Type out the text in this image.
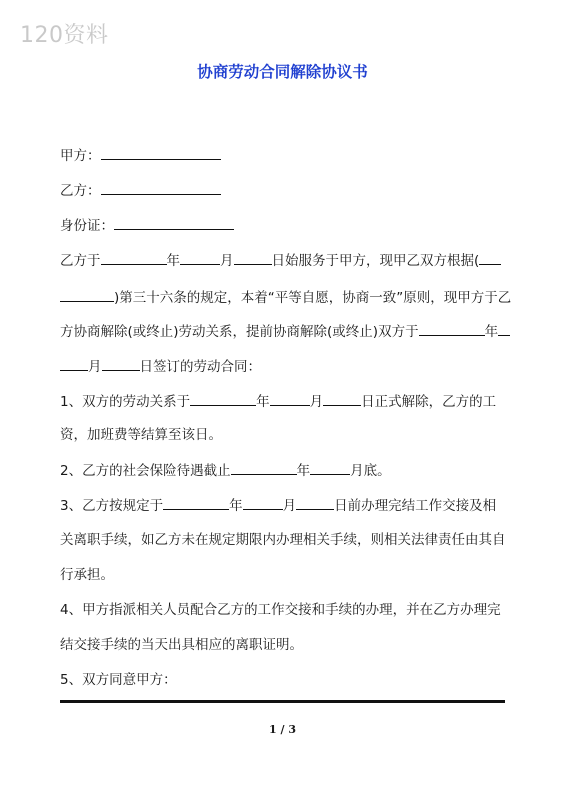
120资料
协商劳动合同解除协议书
甲方：
乙方：
身份证：
乙方于	年	月	日始服务于甲方，现甲乙双方根据(
)第三十六条的规定，本着“平等自愿，协商一致”原则，现甲方于乙
方协商解除(或终止)劳动关系，提前协商解除(或终止)双方于	年
月	日签订的劳动合同：
1、双方的劳动关系于	年	月	日正式解除，乙方的工
资，加班费等结算至该日。
2、乙方的社会保险待遇截止	年	月底。
3、乙方按规定于	年	月	日前办理完结工作交接及相
关离职手续，如乙方未在规定期限内办理相关手续，则相关法律责任由其自
行承担。
4、甲方指派相关人员配合乙方的工作交接和手续的办理，并在乙方办理完
结交接手续的当天出具相应的离职证明。
5、双方同意甲方：
1 / 3
